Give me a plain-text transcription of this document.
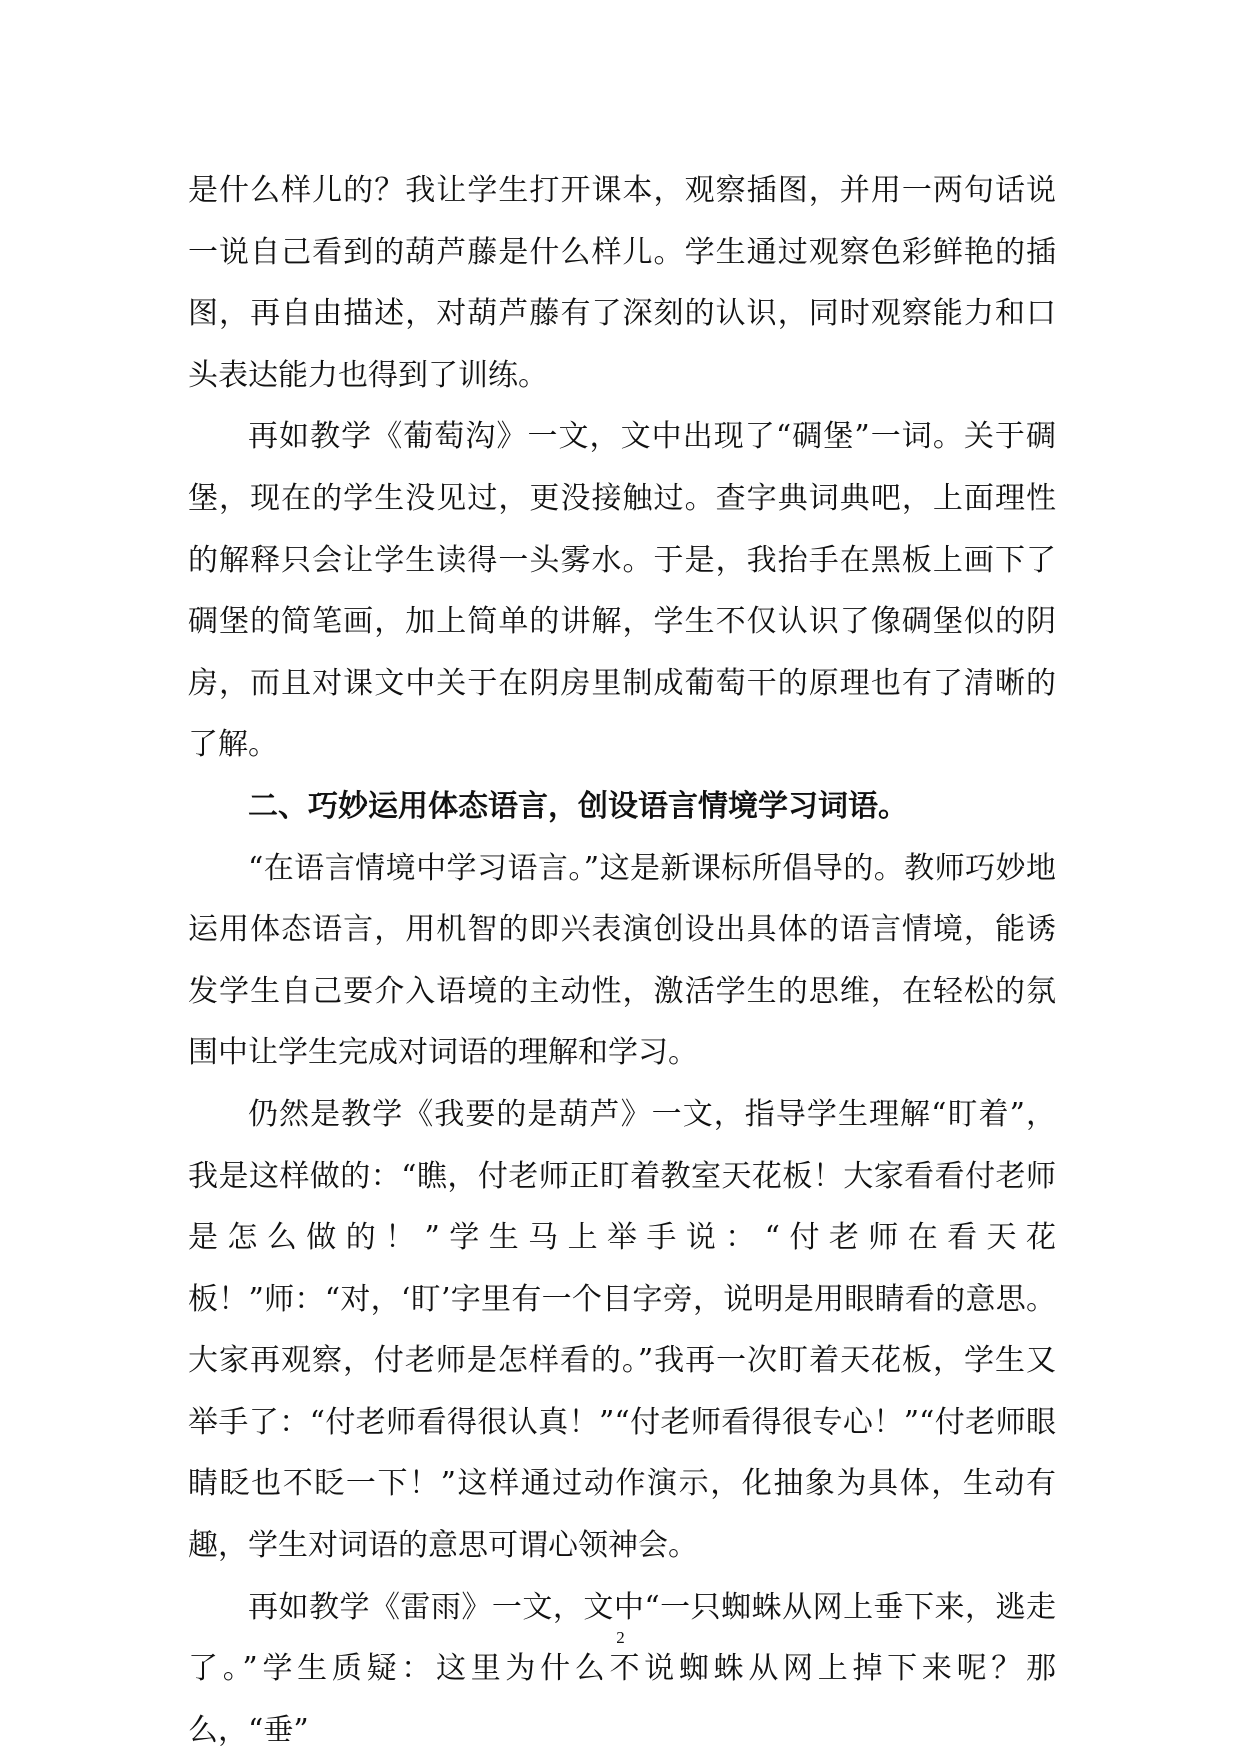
是什么样儿的？我让学生打开课本，观察插图，并用一两句话说一说自己看到的葫芦藤是什么样儿。学生通过观察色彩鲜艳的插图，再自由描述，对葫芦藤有了深刻的认识，同时观察能力和口头表达能力也得到了训练。

再如教学《葡萄沟》一文，文中出现了“碉堡”一词。关于碉堡，现在的学生没见过，更没接触过。查字典词典吧，上面理性的解释只会让学生读得一头雾水。于是，我抬手在黑板上画下了碉堡的简笔画，加上简单的讲解，学生不仅认识了像碉堡似的阴房，而且对课文中关于在阴房里制成葡萄干的原理也有了清晰的了解。

二、巧妙运用体态语言，创设语言情境学习词语。

“在语言情境中学习语言。”这是新课标所倡导的。教师巧妙地运用体态语言，用机智的即兴表演创设出具体的语言情境，能诱发学生自己要介入语境的主动性，激活学生的思维，在轻松的氛围中让学生完成对词语的理解和学习。

仍然是教学《我要的是葫芦》一文，指导学生理解“盯着”，我是这样做的：“瞧，付老师正盯着教室天花板！大家看看付老师是怎么做的！”学生马上举手说：“付老师在看天花板！”师：“对，‘盯’字里有一个目字旁，说明是用眼睛看的意思。大家再观察，付老师是怎样看的。”我再一次盯着天花板，学生又举手了：“付老师看得很认真！”“付老师看得很专心！”“付老师眼睛眨也不眨一下！”这样通过动作演示，化抽象为具体，生动有趣，学生对词语的意思可谓心领神会。

再如教学《雷雨》一文，文中“一只蜘蛛从网上垂下来，逃走了。”学生质疑：这里为什么不说蜘蛛从网上掉下来呢？那么，“垂”

2
